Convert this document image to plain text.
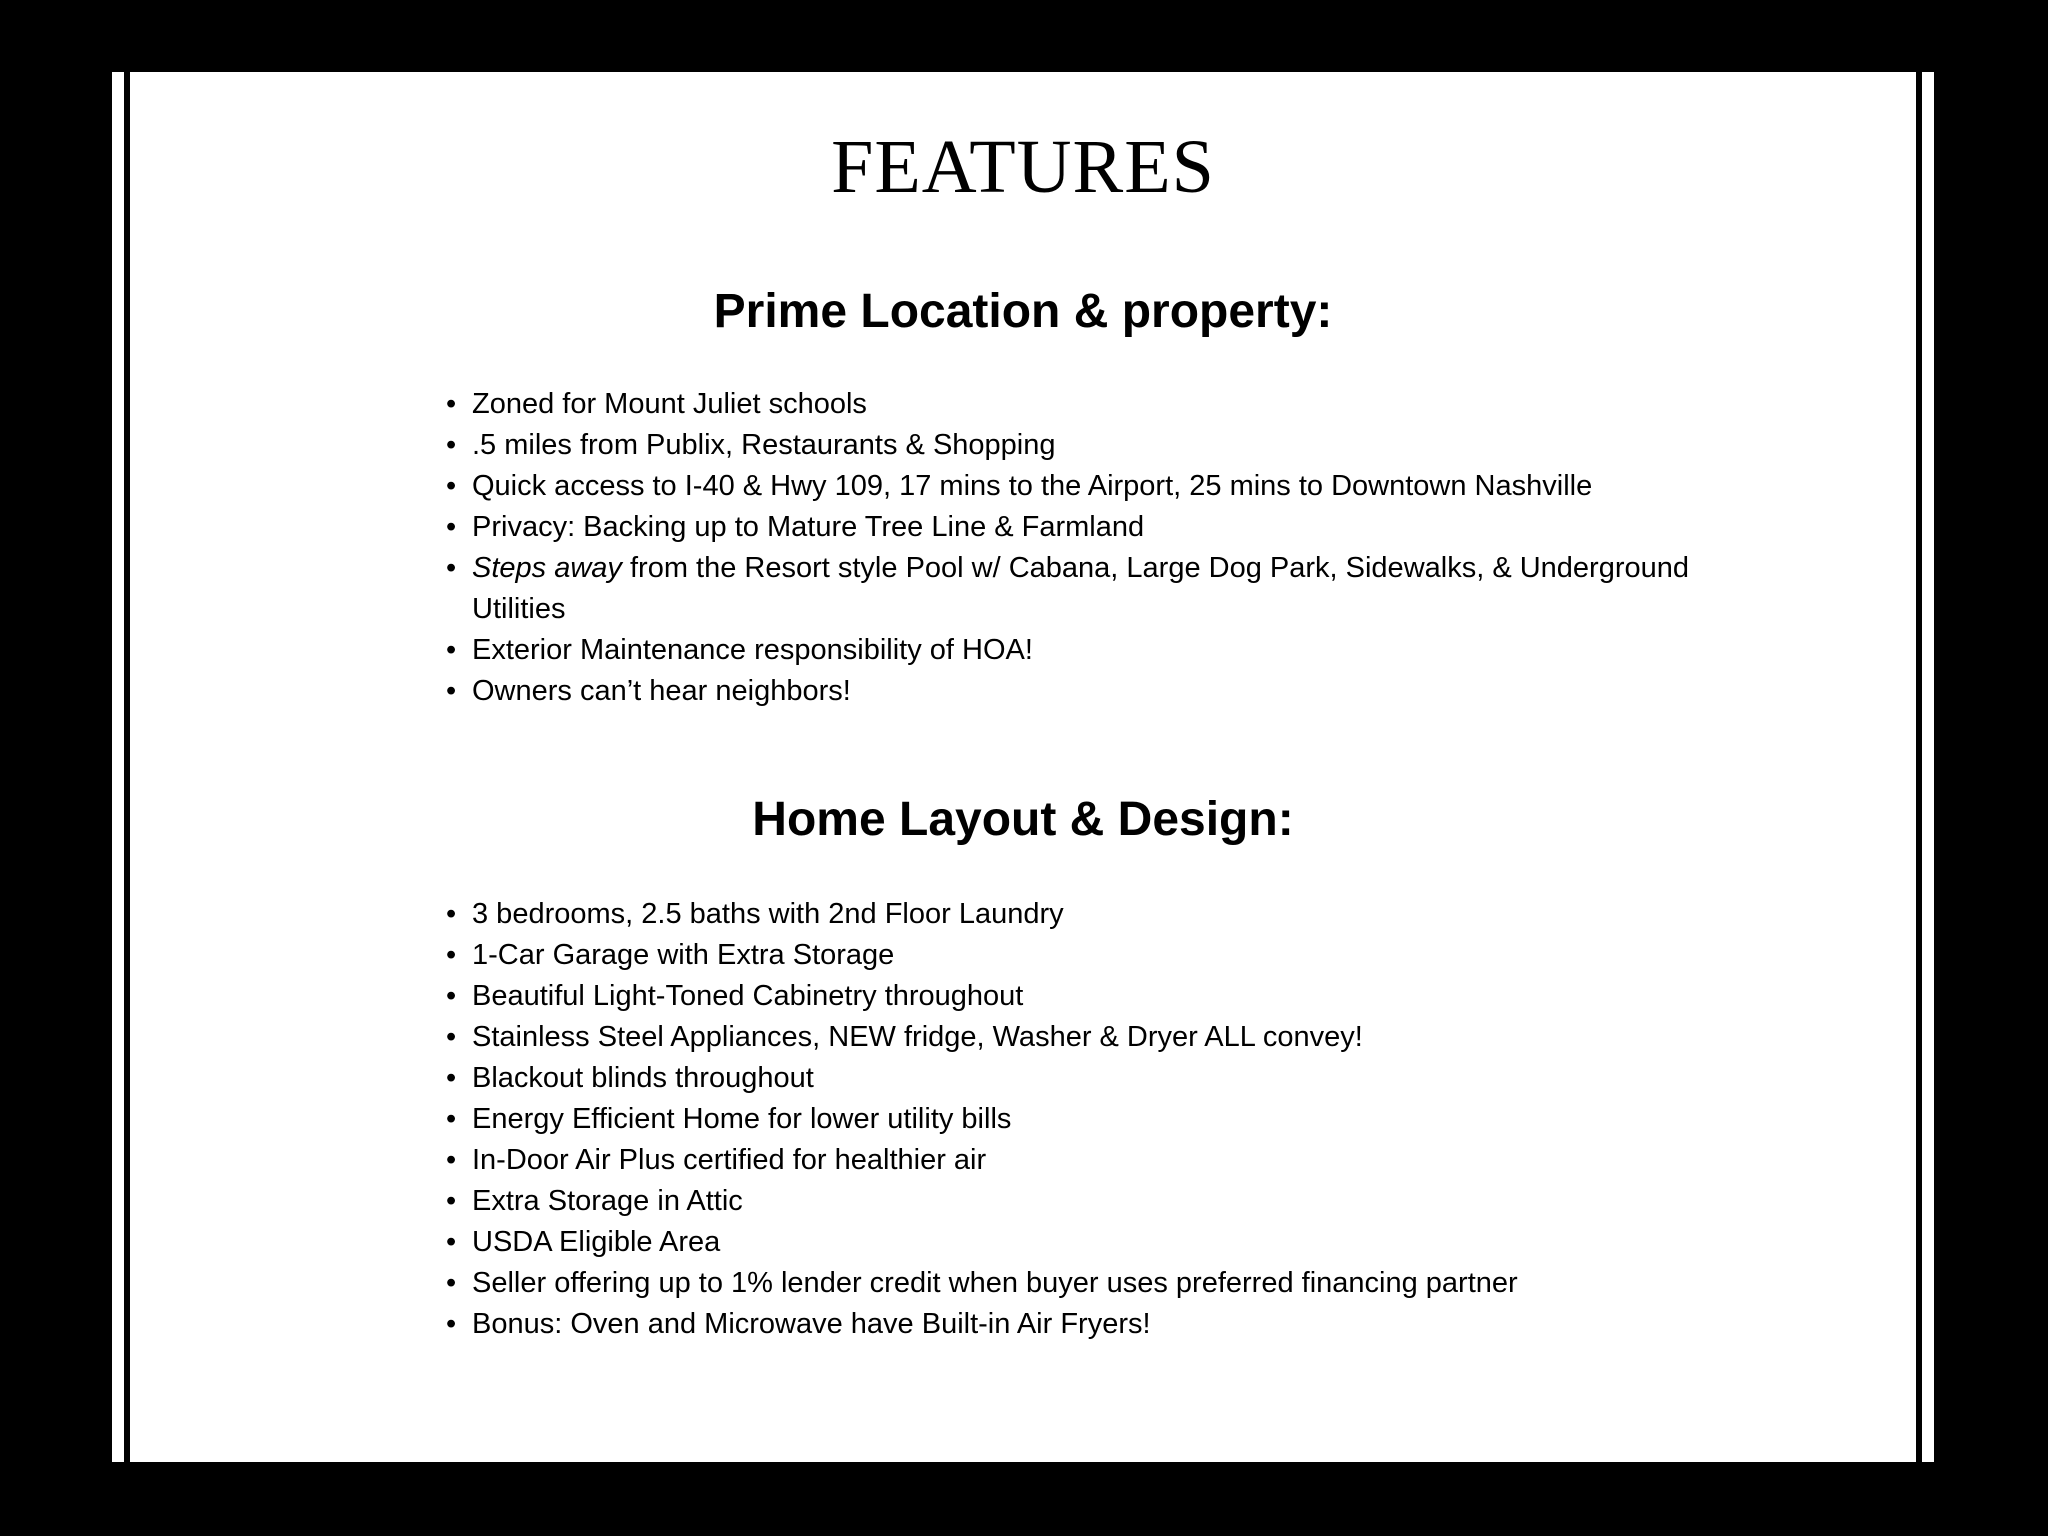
FEATURES
Prime Location & property:
• Zoned for Mount Juliet schools
• .5 miles from Publix, Restaurants & Shopping
• Quick access to I-40 & Hwy 109, 17 mins to the Airport, 25 mins to Downtown Nashville
• Privacy: Backing up to Mature Tree Line & Farmland
• Steps away from the Resort style Pool w/ Cabana, Large Dog Park, Sidewalks, & Underground Utilities
• Exterior Maintenance responsibility of HOA!
• Owners can’t hear neighbors!
Home Layout & Design:
• 3 bedrooms, 2.5 baths with 2nd Floor Laundry
• 1-Car Garage with Extra Storage
• Beautiful Light-Toned Cabinetry throughout
• Stainless Steel Appliances, NEW fridge, Washer & Dryer ALL convey!
• Blackout blinds throughout
• Energy Efficient Home for lower utility bills
• In-Door Air Plus certified for healthier air
• Extra Storage in Attic
• USDA Eligible Area
• Seller offering up to 1% lender credit when buyer uses preferred financing partner
• Bonus: Oven and Microwave have Built-in Air Fryers!
